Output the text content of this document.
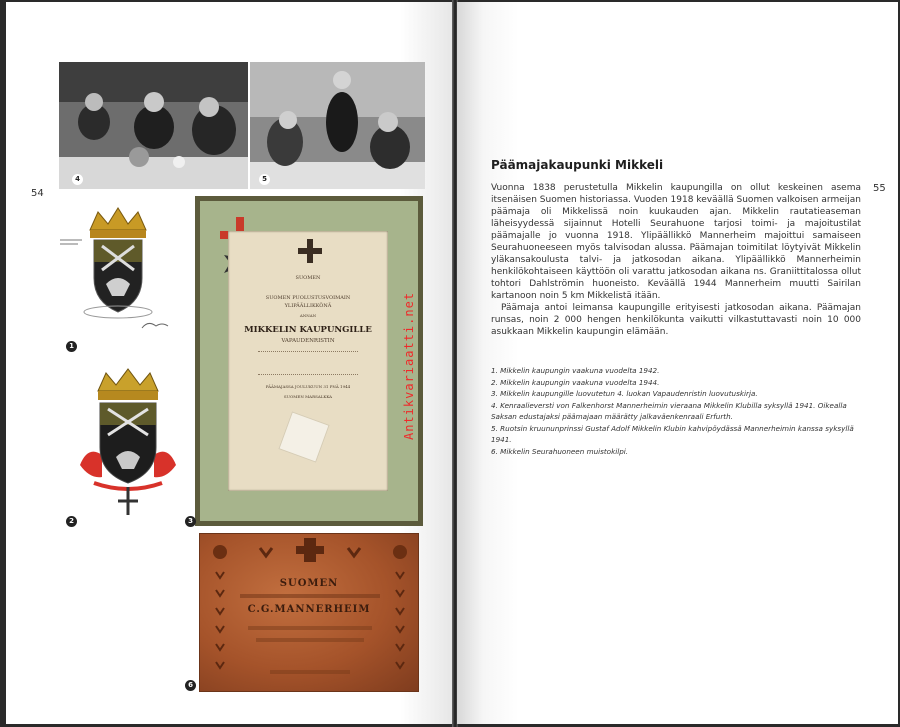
54	55
4	5
1
2
SUOMEN
SUOMEN PUOLUSTUSVOIMAIN
YLIPÄÄLLIKKÖNÄ
ANNAN
MIKKELIN KAUPUNGILLE
VAPAUDENRISTIN
PÄÄMAJASSA JOULUKUUN 31 PNÄ 1944
SUOMEN MARSALKKA	Antikvariaatti.net
3
SUOMEN
C.G.MANNERHEIM
6
Päämajakaupunki Mikkeli

Vuonna 1838 perustetulla Mikkelin kaupungilla on ollut keskeinen asema itsenäisen Suomen historiassa. Vuoden 1918 keväällä Suomen valkoisen armeijan päämaja oli Mikkelissä noin kuukauden ajan. Mikkelin rautatieaseman läheisyydessä sijainnut Hotelli Seurahuone tarjosi toimi- ja majoitustilat päämajalle jo vuonna 1918. Ylipäällikkö Mannerheim majoittui samaiseen Seurahuoneeseen myös talvisodan alussa. Päämajan toimitilat löytyivät Mikkelin yläkansakoulusta talvi- ja jatkosodan aikana. Ylipäällikkö Mannerheimin henkilökohtaiseen käyttöön oli varattu jatkosodan aikana ns. Graniittitalossa ollut tohtori Dahlströmin huoneisto. Keväällä 1944 Mannerheim muutti Sairilan kartanoon noin 5 km Mikkelistä itään.

Päämaja antoi leimansa kaupungille erityisesti jatkosodan aikana. Päämajan runsas, noin 2 000 hengen henkilökunta vaikutti vilkastuttavasti noin 10 000 asukkaan Mikkelin kaupungin elämään.

1. Mikkelin kaupungin vaakuna vuodelta 1942.
2. Mikkelin kaupungin vaakuna vuodelta 1944.
3. Mikkelin kaupungille luovutetun 4. luokan Vapaudenristin luovutuskirja.
4. Kenraalieversti von Falkenhorst Mannerheimin vieraana Mikkelin Klubilla syksyllä 1941. Oikealla Saksan edustajaksi päämajaan määrätty jalkaväenkenraali Erfurth.
5. Ruotsin kruununprinssi Gustaf Adolf Mikkelin Klubin kahvipöydässä Mannerheimin kanssa syksyllä 1941.
6. Mikkelin Seurahuoneen muistokilpi.
